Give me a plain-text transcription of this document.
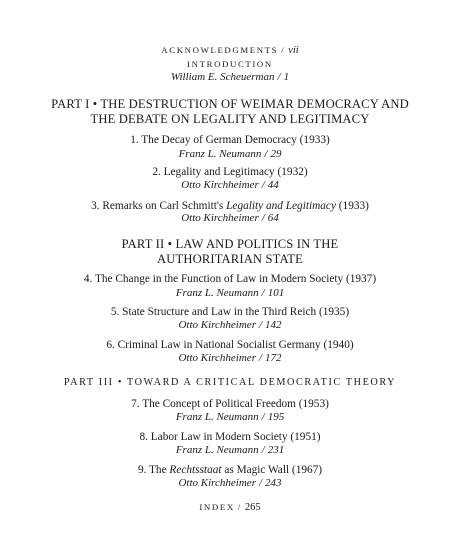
ACKNOWLEDGMENTS / vii
INTRODUCTION
William E. Scheuerman / 1
PART I • THE DESTRUCTION OF WEIMAR DEMOCRACY AND
THE DEBATE ON LEGALITY AND LEGITIMACY
1. The Decay of German Democracy (1933)
Franz L. Neumann / 29
2. Legality and Legitimacy (1932)
Otto Kirchheimer / 44
3. Remarks on Carl Schmitt's Legality and Legitimacy (1933)
Otto Kirchheimer / 64
PART II • LAW AND POLITICS IN THE
AUTHORITARIAN STATE
4. The Change in the Function of Law in Modern Society (1937)
Franz L. Neumann / 101
5. State Structure and Law in the Third Reich (1935)
Otto Kirchheimer / 142
6. Criminal Law in National Socialist Germany (1940)
Otto Kirchheimer / 172
PART III • TOWARD A CRITICAL DEMOCRATIC THEORY
7. The Concept of Political Freedom (1953)
Franz L. Neumann / 195
8. Labor Law in Modern Society (1951)
Franz L. Neumann / 231
9. The Rechtsstaat as Magic Wall (1967)
Otto Kirchheimer / 243
INDEX / 265
